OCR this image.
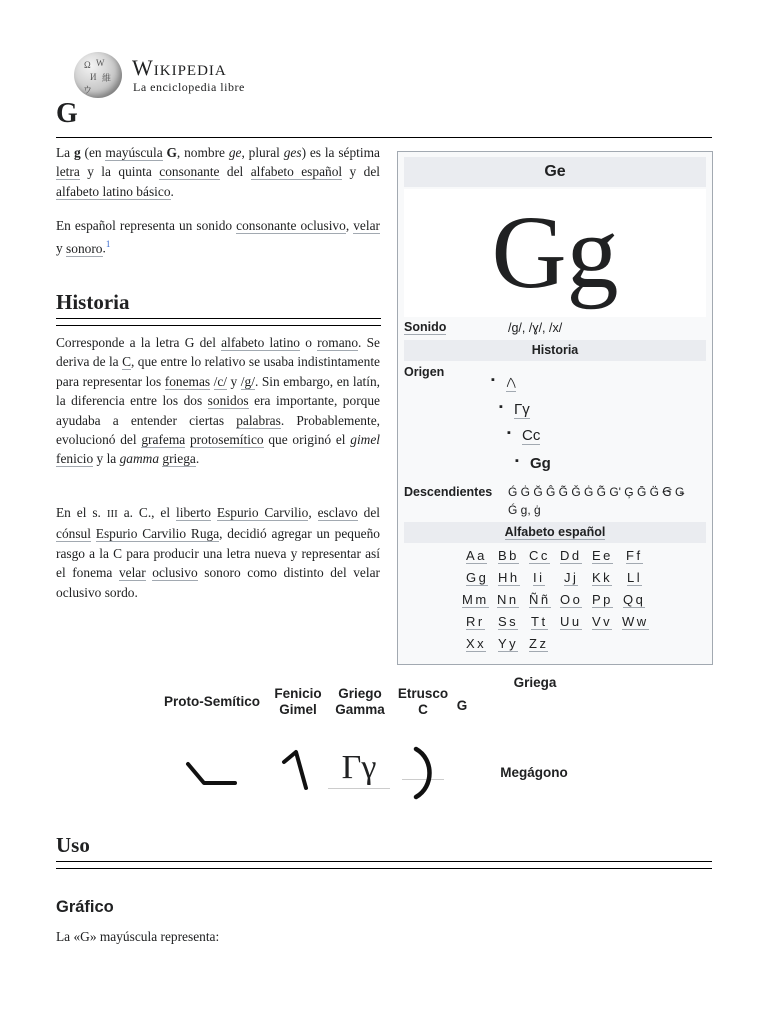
Ω W
И 維
ウ
Wikipedia
La enciclopedia libre
G

La g (en mayúscula G, nombre ge, plural ges) es la séptima letra y la quinta consonante del alfabeto español y del alfabeto latino básico.

En español representa un sonido consonante oclusivo, velar y sonoro.$^1$

Historia

Corresponde a la letra G del alfabeto latino o romano. Se deriva de la C, que entre lo relativo se usaba indistintamente para representar los fonemas /c/ y /g/. Sin embargo, en latín, la diferencia entre los dos sonidos era importante, porque ayudaba a entender ciertas palabras. Probablemente, evolucionó del grafema protosemítico que originó el gimel fenicio y la gamma griega.

En el s. III a. C., el liberto Espurio Carvilio, esclavo del cónsul Espurio Carvilio Ruga, decidió agregar un pequeño rasgo a la C para producir una letra nueva y representar así el fonema velar oclusivo sonoro como distinto del velar oclusivo sordo.

Ge
Gg
Sonido	/g/, /ɣ/, /x/
Historia
Origen
▪ 𐤂
▪ Γγ
▪ Cc
▪ Gg
Descendientes Ǵ Ġ Ğ Ĝ G̃ Ǧ Ġ G̃ G' Ģ Ḡ G̈ Ꞡ Ǥ
Ǵ ɡ, ġ
Alfabeto español
Aa Bb Cc Dd Ee Ff
Gg Hh Ii Jj Kk Ll
Mm Nn Ññ Oo Pp Qq
Rr Ss Tt Uu Vv Ww
Xx Yy Zz
Proto-Semítico
Fenicio
Gimel
Griego
Gamma
Etrusco
C	G
Griega
Megágono
Γγ
Uso
Gráfico

La «G» mayúscula representa:
